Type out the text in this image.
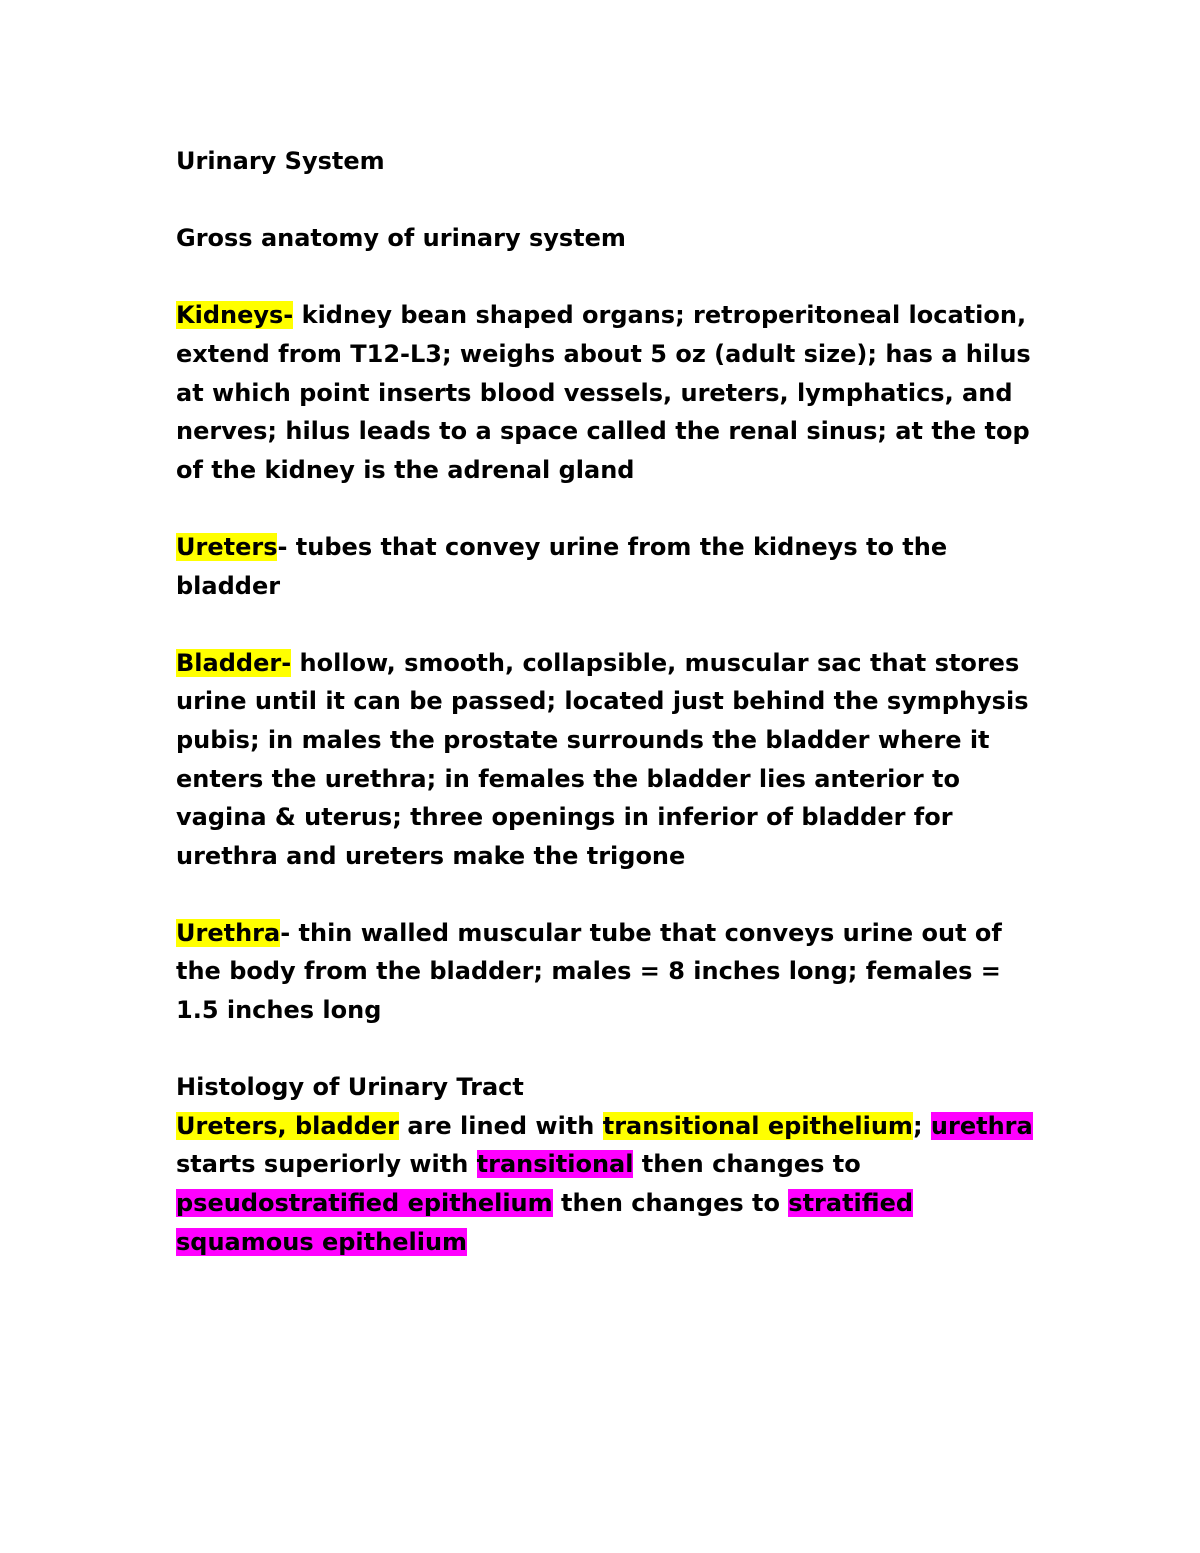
Urinary System

Gross anatomy of urinary system

Kidneys- kidney bean shaped organs; retroperitoneal location, extend from T12-L3; weighs about 5 oz (adult size); has a hilus at which point inserts blood vessels, ureters, lymphatics, and nerves; hilus leads to a space called the renal sinus; at the top of the kidney is the adrenal gland

Ureters- tubes that convey urine from the kidneys to the bladder

Bladder- hollow, smooth, collapsible, muscular sac that stores urine until it can be passed; located just behind the symphysis pubis; in males the prostate surrounds the bladder where it enters the urethra; in females the bladder lies anterior to vagina & uterus; three openings in inferior of bladder for urethra and ureters make the trigone

Urethra- thin walled muscular tube that conveys urine out of the body from the bladder; males = 8 inches long; females = 1.5 inches long

Histology of Urinary Tract

Ureters, bladder are lined with transitional epithelium; urethra starts superiorly with transitional then changes to pseudostratified epithelium then changes to stratified squamous epithelium
